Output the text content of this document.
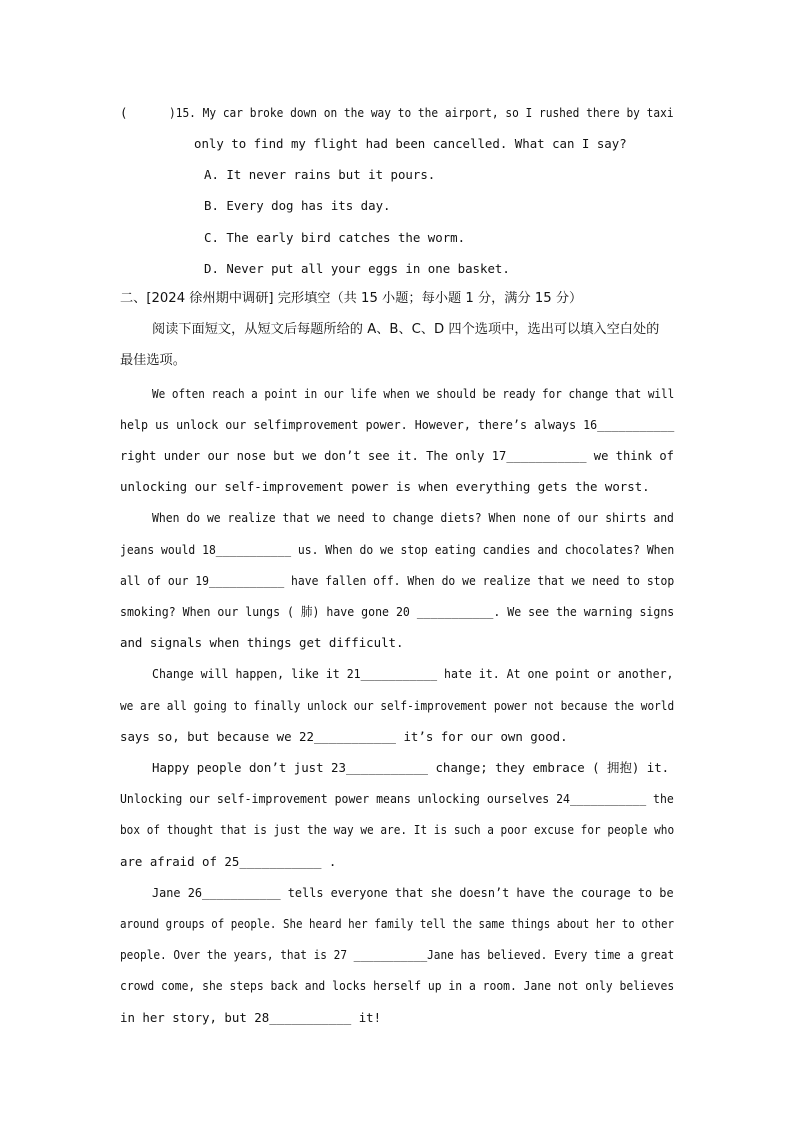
(	)15. My car broke down on the way to the airport, so I rushed there by taxi
only to find my flight had been cancelled. What can I say?
A. It never rains but it pours.
B. Every dog has its day.
C. The early bird catches the worm.
D. Never put all your eggs in one basket.
二、[2024 徐州期中调研] 完形填空（共 15 小题；每小题 1 分，满分 15 分）
阅读下面短文，从短文后每题所给的 A、B、C、D 四个选项中，选出可以填入空白处的
最佳选项。
We often reach a point in our life when we should be ready for change that will
help us unlock our selfimprovement power. However, there’s always 16___________
right under our nose but we don’t see it. The only 17___________ we think of
unlocking our self-improvement power is when everything gets the worst.
When do we realize that we need to change diets? When none of our shirts and
jeans would 18___________ us. When do we stop eating candies and chocolates? When
all of our 19___________ have fallen off. When do we realize that we need to stop
smoking? When our lungs ( 肺) have gone 20 ___________. We see the warning signs
and signals when things get difficult.
Change will happen, like it 21___________ hate it. At one point or another,
we are all going to finally unlock our self-improvement power not because the world
says so, but because we 22___________ it’s for our own good.
Happy people don’t just 23___________ change; they embrace ( 拥抱) it.
Unlocking our self-improvement power means unlocking ourselves 24___________ the
box of thought that is just the way we are. It is such a poor excuse for people who
are afraid of 25___________ .
Jane 26___________ tells everyone that she doesn’t have the courage to be
around groups of people. She heard her family tell the same things about her to other
people. Over the years, that is 27 ___________Jane has believed. Every time a great
crowd come, she steps back and locks herself up in a room. Jane not only believes
in her story, but 28___________ it!
